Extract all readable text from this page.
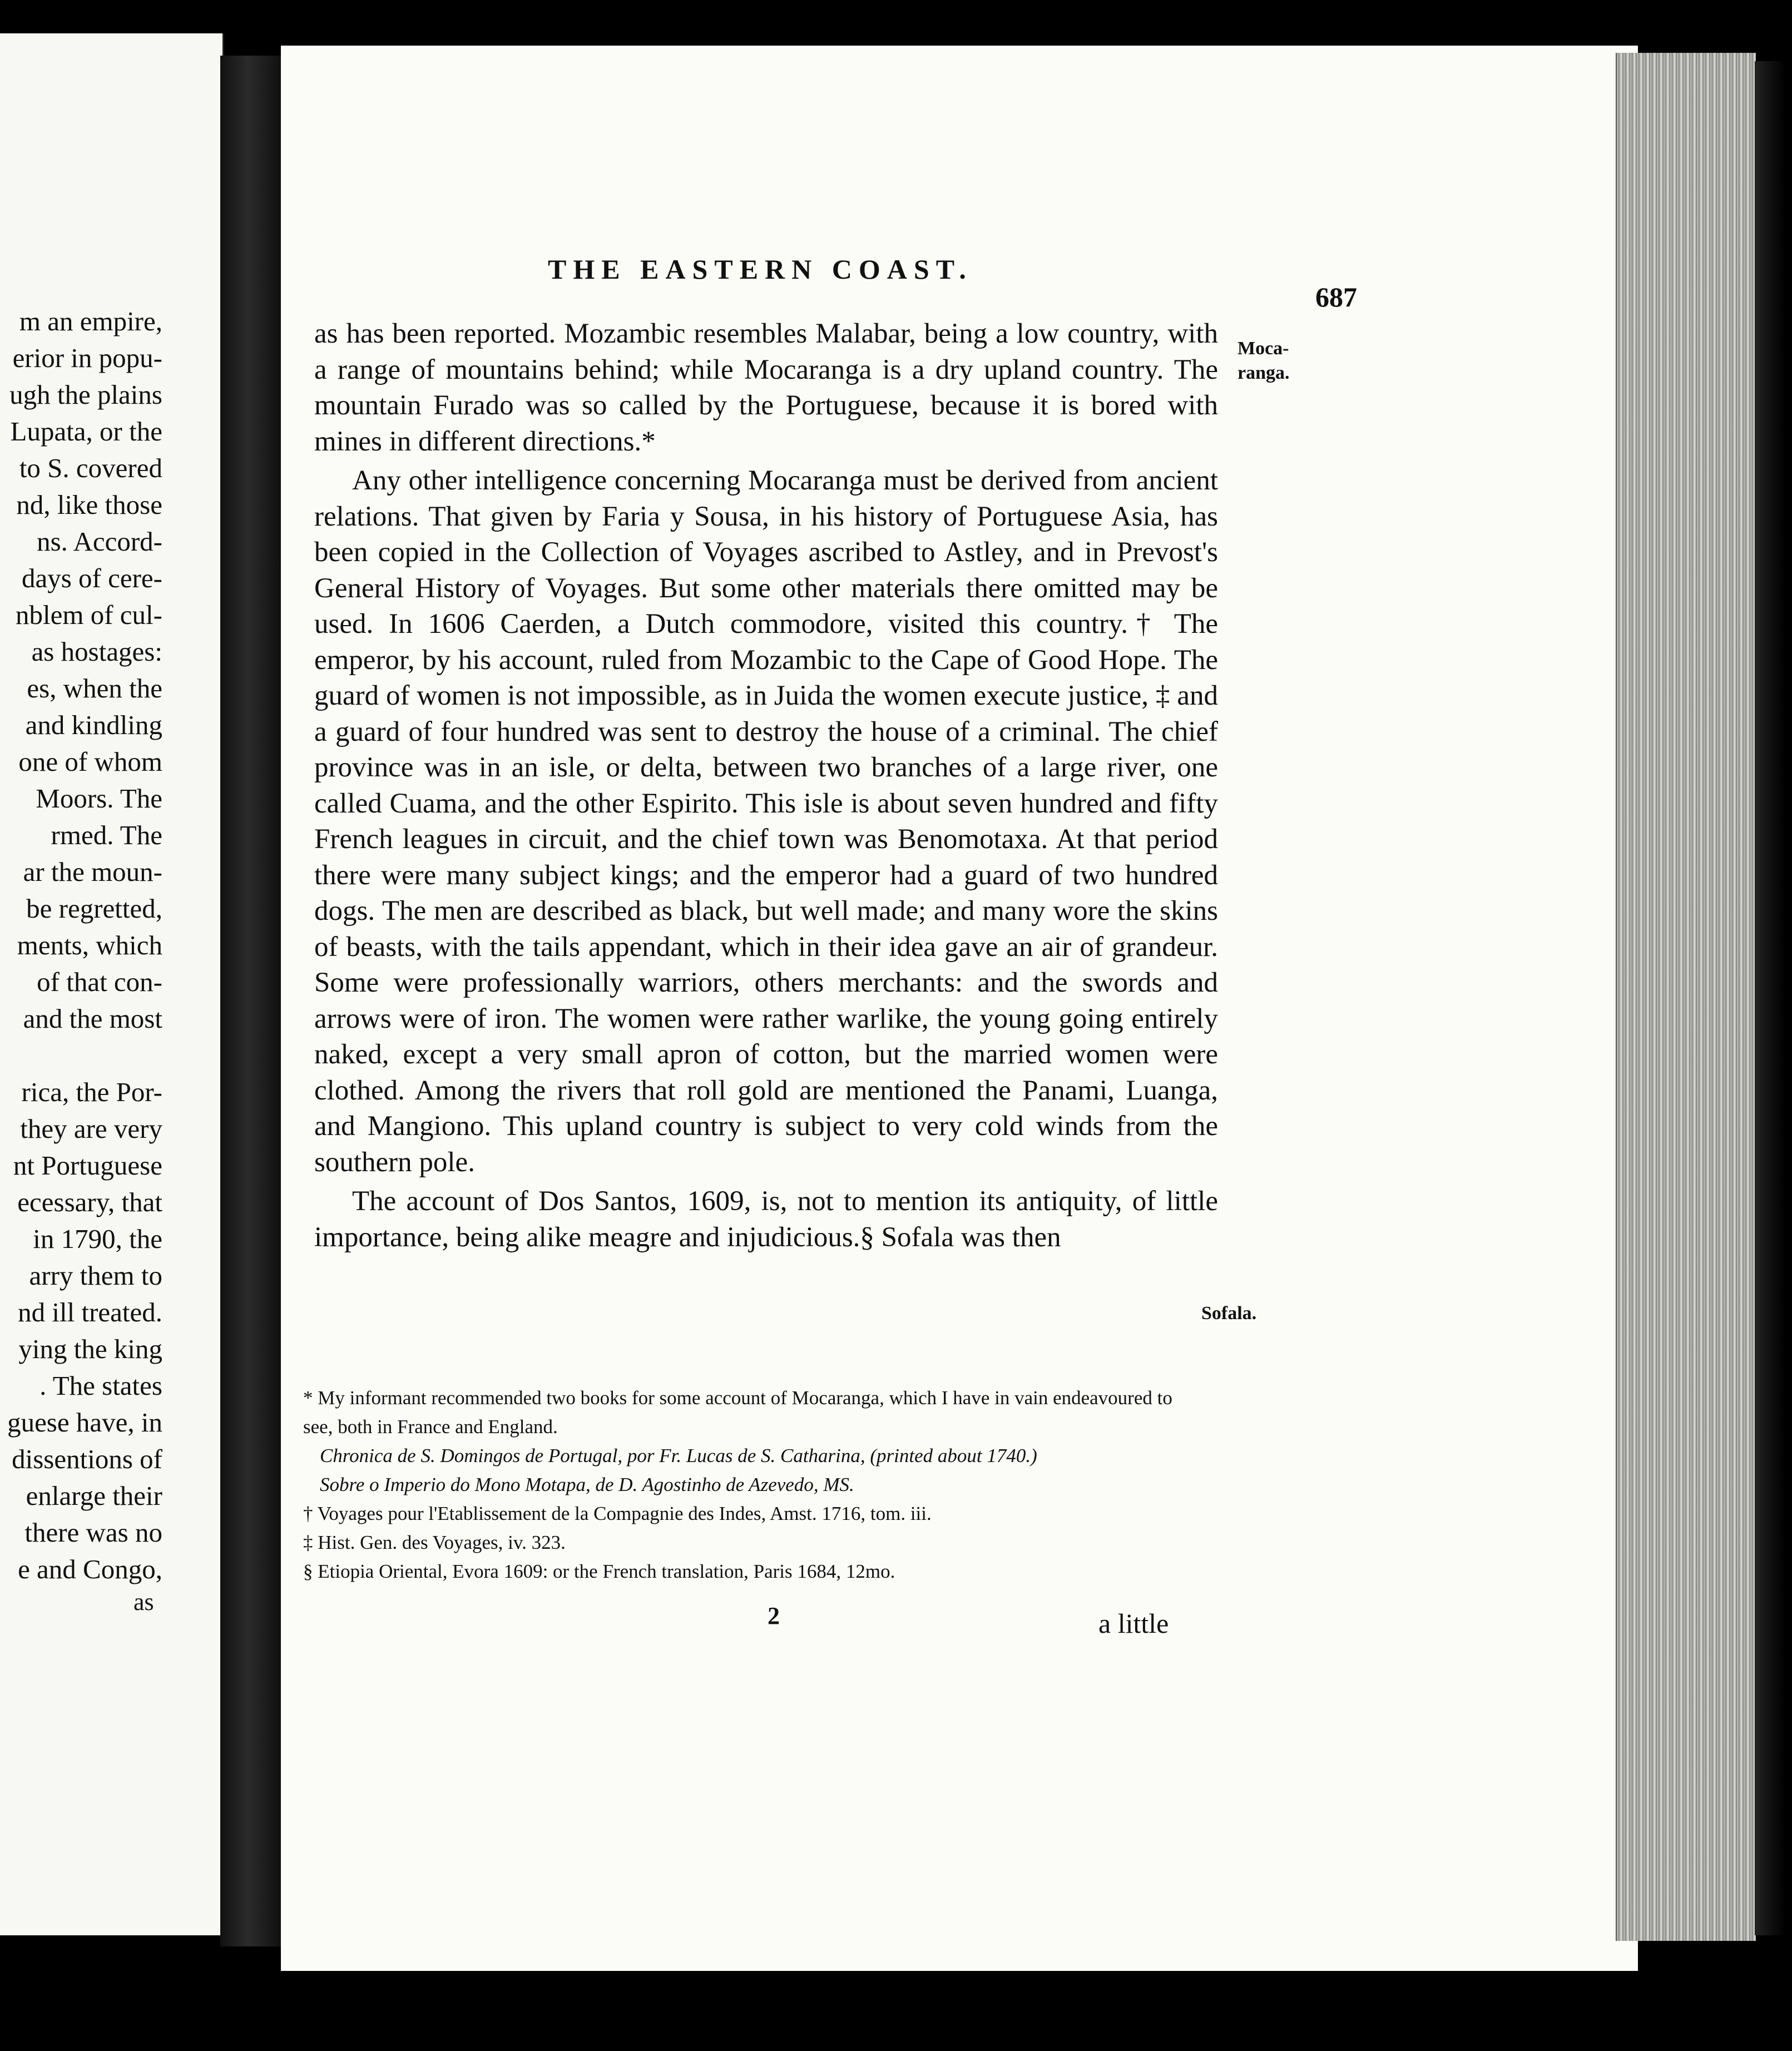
m an empire,
erior in popu-
ugh the plains
Lupata, or the
to S. covered
nd, like those
ns. Accord-
days of cere-
nblem of cul-
as hostages:
es, when the
and kindling
one of whom
Moors. The
rmed. The
ar the moun-
be regretted,
ments, which
of that con-
and the most

rica, the Por-
they are very
nt Portuguese
ecessary, that
in 1790, the
arry them to
nd ill treated.
ying the king
. The states
guese have, in
dissentions of
enlarge their
there was no
e and Congo,
as
THE EASTERN COAST.
687
Moca-
ranga.
Sofala.

as has been reported. Mozambic resembles Malabar, being a low country, with a range of mountains behind; while Mocaranga is a dry upland country. The mountain Furado was so called by the Portuguese, because it is bored with mines in different directions.*

Any other intelligence concerning Mocaranga must be derived from ancient relations. That given by Faria y Sousa, in his history of Portuguese Asia, has been copied in the Collection of Voyages ascribed to Astley, and in Prevost's General History of Voyages. But some other materials there omitted may be used. In 1606 Caerden, a Dutch commodore, visited this country.† The emperor, by his account, ruled from Mozambic to the Cape of Good Hope. The guard of women is not impossible, as in Juida the women execute justice, ‡ and a guard of four hundred was sent to destroy the house of a criminal. The chief province was in an isle, or delta, between two branches of a large river, one called Cuama, and the other Espirito. This isle is about seven hundred and fifty French leagues in circuit, and the chief town was Benomotaxa. At that period there were many subject kings; and the emperor had a guard of two hundred dogs. The men are described as black, but well made; and many wore the skins of beasts, with the tails appendant, which in their idea gave an air of grandeur. Some were professionally warriors, others merchants: and the swords and arrows were of iron. The women were rather warlike, the young going entirely naked, except a very small apron of cotton, but the married women were clothed. Among the rivers that roll gold are mentioned the Panami, Luanga, and Mangiono. This upland country is subject to very cold winds from the southern pole.

The account of Dos Santos, 1609, is, not to mention its antiquity, of little importance, being alike meagre and injudicious.§ Sofala was then

* My informant recommended two books for some account of Mocaranga, which I have in vain endeavoured to see, both in France and England.

Chronica de S. Domingos de Portugal, por Fr. Lucas de S. Catharina, (printed about 1740.)

Sobre o Imperio do Mono Motapa, de D. Agostinho de Azevedo, MS.

† Voyages pour l'Etablissement de la Compagnie des Indes, Amst. 1716, tom. iii.

‡ Hist. Gen. des Voyages, iv. 323.

§ Etiopia Oriental, Evora 1609: or the French translation, Paris 1684, 12mo.

2	a little
